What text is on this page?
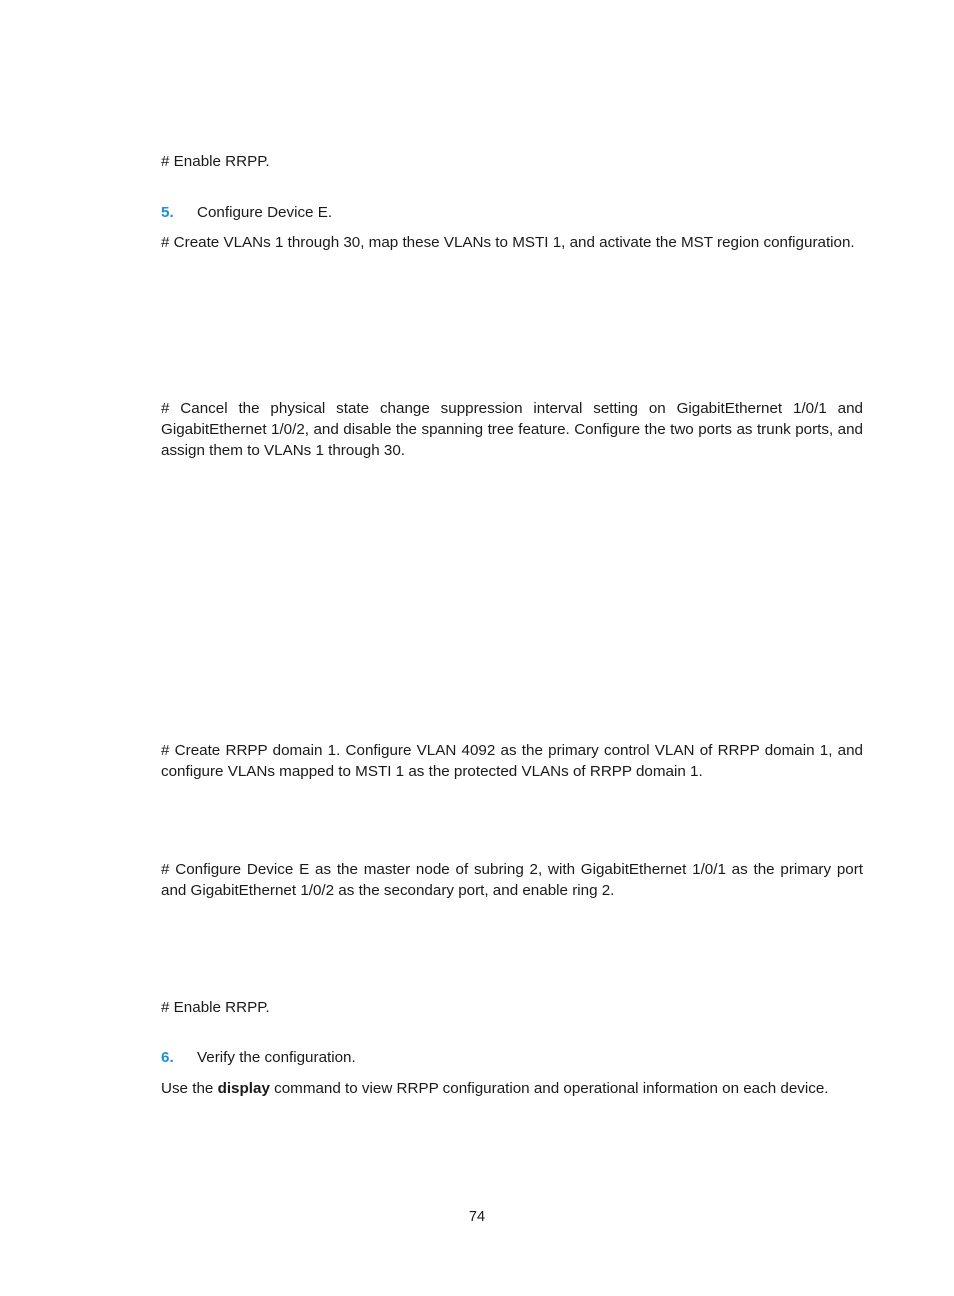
# Enable RRPP.

5. Configure Device E.

# Create VLANs 1 through 30, map these VLANs to MSTI 1, and activate the MST region configuration.

# Cancel the physical state change suppression interval setting on GigabitEthernet 1/0/1 and GigabitEthernet 1/0/2, and disable the spanning tree feature. Configure the two ports as trunk ports, and assign them to VLANs 1 through 30.

# Create RRPP domain 1. Configure VLAN 4092 as the primary control VLAN of RRPP domain 1, and configure VLANs mapped to MSTI 1 as the protected VLANs of RRPP domain 1.

# Configure Device E as the master node of subring 2, with GigabitEthernet 1/0/1 as the primary port and GigabitEthernet 1/0/2 as the secondary port, and enable ring 2.

# Enable RRPP.

6. Verify the configuration.

Use the display command to view RRPP configuration and operational information on each device.

74
